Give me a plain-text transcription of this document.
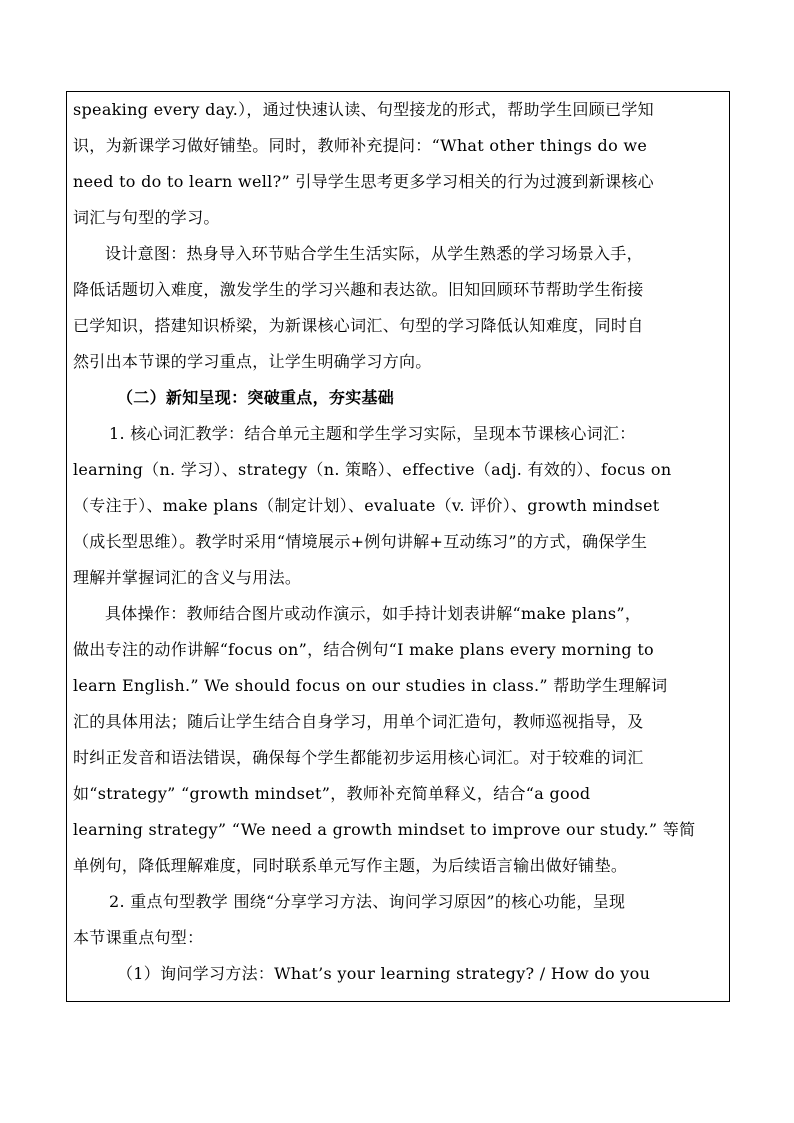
speaking every day.），通过快速认读、句型接龙的形式，帮助学生回顾已学知
识，为新课学习做好铺垫。同时，教师补充提问：“What other things do we
need to do to learn well?” 引导学生思考更多学习相关的行为过渡到新课核心
词汇与句型的学习。
设计意图：热身导入环节贴合学生生活实际，从学生熟悉的学习场景入手，
降低话题切入难度，激发学生的学习兴趣和表达欲。旧知回顾环节帮助学生衔接
已学知识，搭建知识桥梁，为新课核心词汇、句型的学习降低认知难度，同时自
然引出本节课的学习重点，让学生明确学习方向。
（二）新知呈现：突破重点，夯实基础
1. 核心词汇教学：结合单元主题和学生学习实际，呈现本节课核心词汇：
learning（n. 学习）、strategy（n. 策略）、effective（adj. 有效的）、focus on
（专注于）、make plans（制定计划）、evaluate（v. 评价）、growth mindset
（成长型思维）。教学时采用“情境展示+例句讲解+互动练习”的方式，确保学生
理解并掌握词汇的含义与用法。
具体操作：教师结合图片或动作演示，如手持计划表讲解“make plans”，
做出专注的动作讲解“focus on”，结合例句“I make plans every morning to
learn English.” We should focus on our studies in class.” 帮助学生理解词
汇的具体用法；随后让学生结合自身学习，用单个词汇造句，教师巡视指导，及
时纠正发音和语法错误，确保每个学生都能初步运用核心词汇。对于较难的词汇
如“strategy” “growth mindset”，教师补充简单释义，结合“a good
learning strategy” “We need a growth mindset to improve our study.” 等简
单例句，降低理解难度，同时联系单元写作主题，为后续语言输出做好铺垫。
2. 重点句型教学 围绕“分享学习方法、询问学习原因”的核心功能，呈现
本节课重点句型：
（1）询问学习方法：What’s your learning strategy? / How do you
